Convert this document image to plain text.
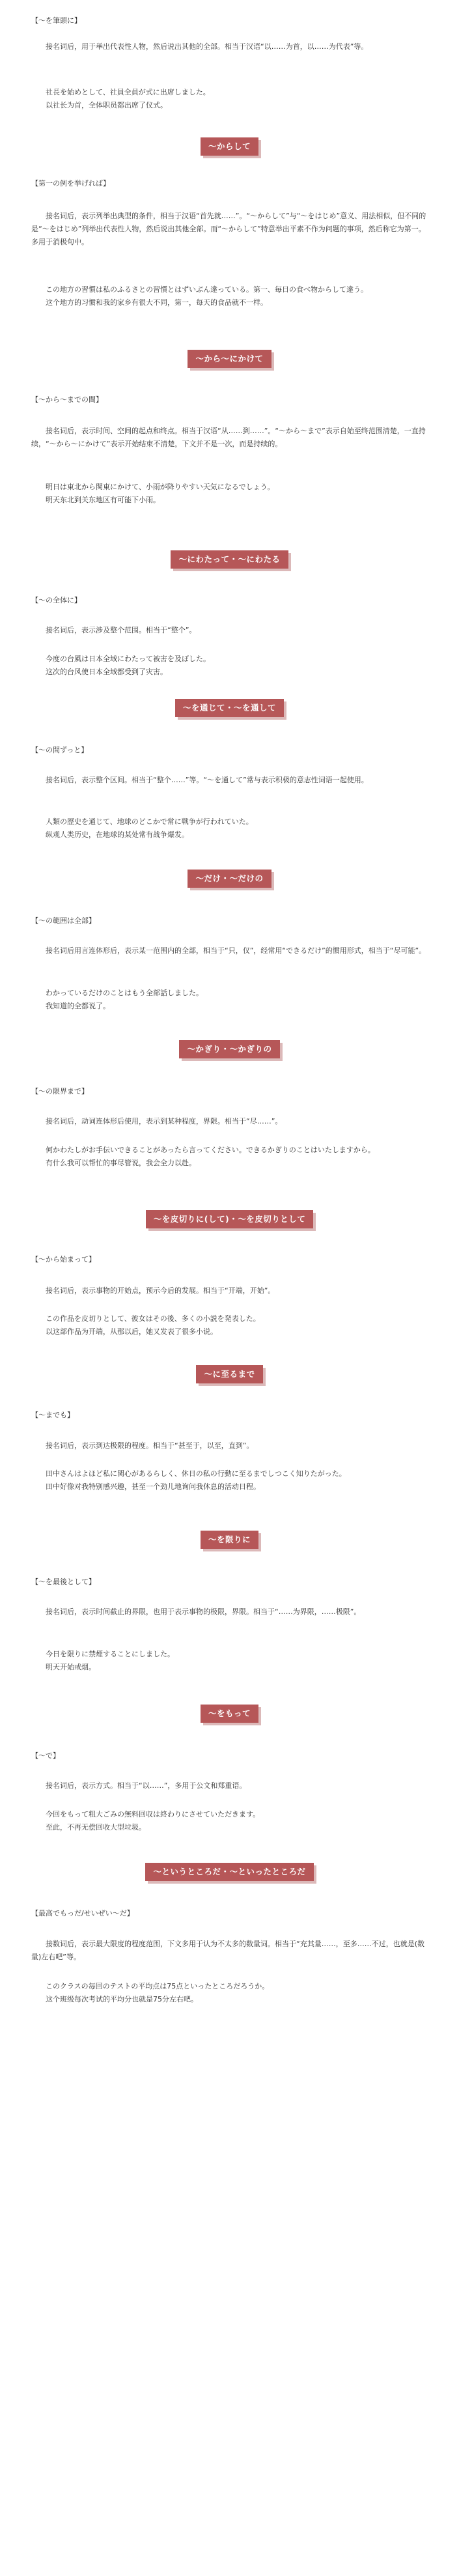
【～を筆頭に】
接名词后，用于举出代表性人物，然后说出其他的全部。相当于汉语“以……为首，以……为代表”等。
社長を始めとして、社員全員が式に出席しました。
以社长为首，全体职员都出席了仪式。
～からして
【第一の例を挙げれば】
接名词后，表示列举出典型的条件，相当于汉语“首先就……”。“～からして”与“～をはじめ”意义、用法相似，但不同的是“～をはじめ”列举出代表性人物，然后说出其他全部。而“～からして”特意举出平素不作为问题的事项，然后称它为第一。多用于消极句中。
この地方の習慣は私のふるさとの習慣とはずいぶん違っている。第一、毎日の食べ物からして違う。
这个地方的习惯和我的家乡有很大不同，第一，每天的食品就不一样。
～から～にかけて
【～から～までの間】
接名词后，表示时间、空间的起点和终点。相当于汉语“从……到……”。“～から～まで”表示自始至终范围清楚，一直持续，“～から～にかけて”表示开始结束不清楚，下文并不是一次，而是持续的。
明日は東北から関東にかけて、小雨が降りやすい天気になるでしょう。
明天东北到关东地区有可能下小雨。
～にわたって・～にわたる
【～の全体に】
接名词后，表示涉及整个范围。相当于“整个”。
今度の台風は日本全域にわたって被害を及ぼした。
这次的台风使日本全域都受到了灾害。
～を通じて・～を通して
【～の間ずっと】
接名词后，表示整个区间。相当于“整个……”等。“～を通して”常与表示积极的意志性词语一起使用。
人類の歴史を通じて、地球のどこかで常に戦争が行われていた。
纵观人类历史，在地球的某处常有战争爆发。
～だけ・～だけの
【～の範囲は全部】
接名词后用言连体形后，表示某一范围内的全部，相当于“只，仅”，经常用“できるだけ”的惯用形式，相当于“尽可能”。
わかっているだけのことはもう全部話しました。
我知道的全都说了。
～かぎり・～かぎりの
【～の限界まで】
接名词后，动词连体形后使用，表示到某种程度，界限。相当于“尽……”。
何かわたしがお手伝いできることがあったら言ってください。できるかぎりのことはいたしますから。
有什么我可以帮忙的事尽管说，我会全力以赴。
～を皮切りに(して)・～を皮切りとして
【～から始まって】
接名词后，表示事物的开始点，预示今后的发展。相当于“开端，开始”。
この作品を皮切りとして、彼女はその後、多くの小説を発表した。
以这部作品为开端，从那以后，她又发表了很多小说。
～に至るまで
【～までも】
接名词后，表示到达极限的程度。相当于“甚至于，以至，直到”。
田中さんはよほど私に関心があるらしく、休日の私の行動に至るまでしつこく知りたがった。
田中好像对我特别感兴趣，甚至一个劲儿地询问我休息的活动日程。
～を限りに
【～を最後として】
接名词后，表示时间截止的界限，也用于表示事物的极限，界限。相当于“……为界限，……极限”。
今日を限りに禁煙することにしました。
明天开始戒烟。
～をもって
【～で】
接名词后，表示方式。相当于“以……”，多用于公文和郑重语。
今回をもって粗大ごみの無料回収は終わりにさせていただきます。
至此，不再无偿回收大型垃圾。
～というところだ・～といったところだ
【最高でもっだ/せいぜい～だ】
接数词后，表示最大限度的程度范围，下文多用于认为不太多的数量词。相当于“充其量……，至多……不过，也就是(数量)左右吧”等。
このクラスの毎回のテストの平均点は75点といったところだろうか。
这个班级每次考试的平均分也就是75分左右吧。
